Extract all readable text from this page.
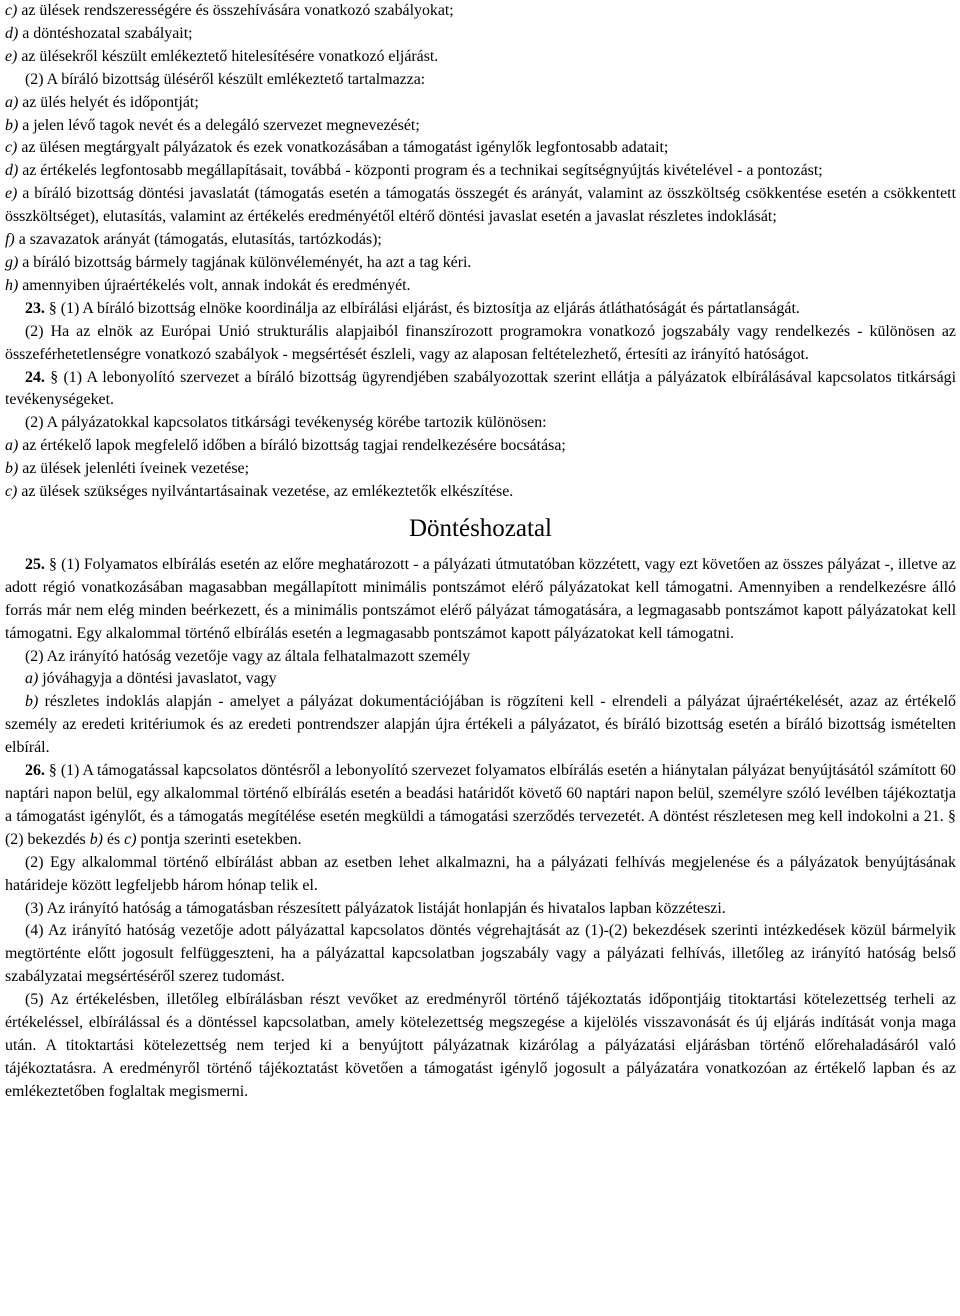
c) az ülések rendszerességére és összehívására vonatkozó szabályokat;

d) a döntéshozatal szabályait;

e) az ülésekről készült emlékeztető hitelesítésére vonatkozó eljárást.

(2) A bíráló bizottság üléséről készült emlékeztető tartalmazza:

a) az ülés helyét és időpontját;

b) a jelen lévő tagok nevét és a delegáló szervezet megnevezését;

c) az ülésen megtárgyalt pályázatok és ezek vonatkozásában a támogatást igénylők legfontosabb adatait;

d) az értékelés legfontosabb megállapításait, továbbá - központi program és a technikai segítségnyújtás kivételével - a pontozást;

e) a bíráló bizottság döntési javaslatát (támogatás esetén a támogatás összegét és arányát, valamint az összköltség csökkentése esetén a csökkentett összköltséget), elutasítás, valamint az értékelés eredményétől eltérő döntési javaslat esetén a javaslat részletes indoklását;

f) a szavazatok arányát (támogatás, elutasítás, tartózkodás);

g) a bíráló bizottság bármely tagjának különvéleményét, ha azt a tag kéri.

h) amennyiben újraértékelés volt, annak indokát és eredményét.

23. § (1) A bíráló bizottság elnöke koordinálja az elbírálási eljárást, és biztosítja az eljárás átláthatóságát és pártatlanságát.

(2) Ha az elnök az Európai Unió strukturális alapjaiból finanszírozott programokra vonatkozó jogszabály vagy rendelkezés - különösen az összeférhetetlenségre vonatkozó szabályok - megsértését észleli, vagy az alaposan feltételezhető, értesíti az irányító hatóságot.

24. § (1) A lebonyolító szervezet a bíráló bizottság ügyrendjében szabályozottak szerint ellátja a pályázatok elbírálásával kapcsolatos titkársági tevékenységeket.

(2) A pályázatokkal kapcsolatos titkársági tevékenység körébe tartozik különösen:

a) az értékelő lapok megfelelő időben a bíráló bizottság tagjai rendelkezésére bocsátása;

b) az ülések jelenléti íveinek vezetése;

c) az ülések szükséges nyilvántartásainak vezetése, az emlékeztetők elkészítése.

Döntéshozatal

25. § (1) Folyamatos elbírálás esetén az előre meghatározott - a pályázati útmutatóban közzétett, vagy ezt követően az összes pályázat -, illetve az adott régió vonatkozásában magasabban megállapított minimális pontszámot elérő pályázatokat kell támogatni. Amennyiben a rendelkezésre álló forrás már nem elég minden beérkezett, és a minimális pontszámot elérő pályázat támogatására, a legmagasabb pontszámot kapott pályázatokat kell támogatni. Egy alkalommal történő elbírálás esetén a legmagasabb pontszámot kapott pályázatokat kell támogatni.

(2) Az irányító hatóság vezetője vagy az általa felhatalmazott személy

a) jóváhagyja a döntési javaslatot, vagy

b) részletes indoklás alapján - amelyet a pályázat dokumentációjában is rögzíteni kell - elrendeli a pályázat újraértékelését, azaz az értékelő személy az eredeti kritériumok és az eredeti pontrendszer alapján újra értékeli a pályázatot, és bíráló bizottság esetén a bíráló bizottság ismételten elbírál.

26. § (1) A támogatással kapcsolatos döntésről a lebonyolító szervezet folyamatos elbírálás esetén a hiánytalan pályázat benyújtásától számított 60 naptári napon belül, egy alkalommal történő elbírálás esetén a beadási határidőt követő 60 naptári napon belül, személyre szóló levélben tájékoztatja a támogatást igénylőt, és a támogatás megítélése esetén megküldi a támogatási szerződés tervezetét. A döntést részletesen meg kell indokolni a 21. § (2) bekezdés b) és c) pontja szerinti esetekben.

(2) Egy alkalommal történő elbírálást abban az esetben lehet alkalmazni, ha a pályázati felhívás megjelenése és a pályázatok benyújtásának határideje között legfeljebb három hónap telik el.

(3) Az irányító hatóság a támogatásban részesített pályázatok listáját honlapján és hivatalos lapban közzéteszi.

(4) Az irányító hatóság vezetője adott pályázattal kapcsolatos döntés végrehajtását az (1)-(2) bekezdések szerinti intézkedések közül bármelyik megtörténte előtt jogosult felfüggeszteni, ha a pályázattal kapcsolatban jogszabály vagy a pályázati felhívás, illetőleg az irányító hatóság belső szabályzatai megsértéséről szerez tudomást.

(5) Az értékelésben, illetőleg elbírálásban részt vevőket az eredményről történő tájékoztatás időpontjáig titoktartási kötelezettség terheli az értékeléssel, elbírálással és a döntéssel kapcsolatban, amely kötelezettség megszegése a kijelölés visszavonását és új eljárás indítását vonja maga után. A titoktartási kötelezettség nem terjed ki a benyújtott pályázatnak kizárólag a pályázatási eljárásban történő előrehaladásáról való tájékoztatásra. A eredményről történő tájékoztatást követően a támogatást igénylő jogosult a pályázatára vonatkozóan az értékelő lapban és az emlékeztetőben foglaltak megismerni.
